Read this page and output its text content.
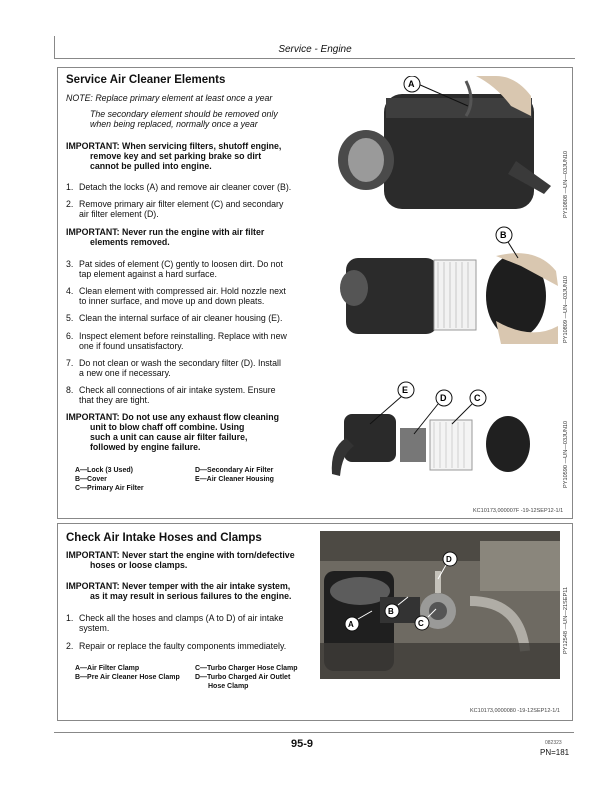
Service - Engine
Service Air Cleaner Elements
NOTE: Replace primary element at least once a year
The secondary element should be removed only
when being replaced, normally once a year
IMPORTANT: When servicing filters, shutoff engine,
remove key and set parking brake so dirt
cannot be pulled into engine.
1. Detach the locks (A) and remove air cleaner cover (B).
2. Remove primary air filter element (C) and secondary
air filter element (D).
IMPORTANT: Never run the engine with air filter
elements removed.
3. Pat sides of element (C) gently to loosen dirt. Do not
tap element against a hard surface.
4. Clean element with compressed air. Hold nozzle next
to inner surface, and move up and down pleats.
5. Clean the internal surface of air cleaner housing (E).
6. Inspect element before reinstalling. Replace with new
one if found unsatisfactory.
7. Do not clean or wash the secondary filter (D). Install
a new one if necessary.
8. Check all connections of air intake system. Ensure
that they are tight.
IMPORTANT: Do not use any exhaust flow cleaning
unit to blow chaff off combine. Using
such a unit can cause air filter failure,
followed by engine failure.
A—Lock (3 Used)
B—Cover
C—Primary Air Filter
D—Secondary Air Filter
E—Air Cleaner Housing
A
PY10808 —UN—03JUN10
B
PY10809 —UN—03JUN10
E
D	C
PY10590 —UN—03JUN10
KC10173,000007F -19-12SEP12-1/1
Check Air Intake Hoses and Clamps
IMPORTANT: Never start the engine with torn/defective
hoses or loose clamps.
IMPORTANT: Never temper with the air intake system,
as it may result in serious failures to the engine.
1. Check all the hoses and clamps (A to D) of air intake
system.
2. Repair or replace the faulty components immediately.
A—Air Filter Clamp
B—Pre Air Cleaner Hose Clamp
C—Turbo Charger Hose Clamp
D—Turbo Charged Air Outlet
Hose Clamp
A
B
C
D
PY12548 —UN—21SEP11
KC10173,0000080 -19-12SEP12-1/1
95-9	082323
PN=181
